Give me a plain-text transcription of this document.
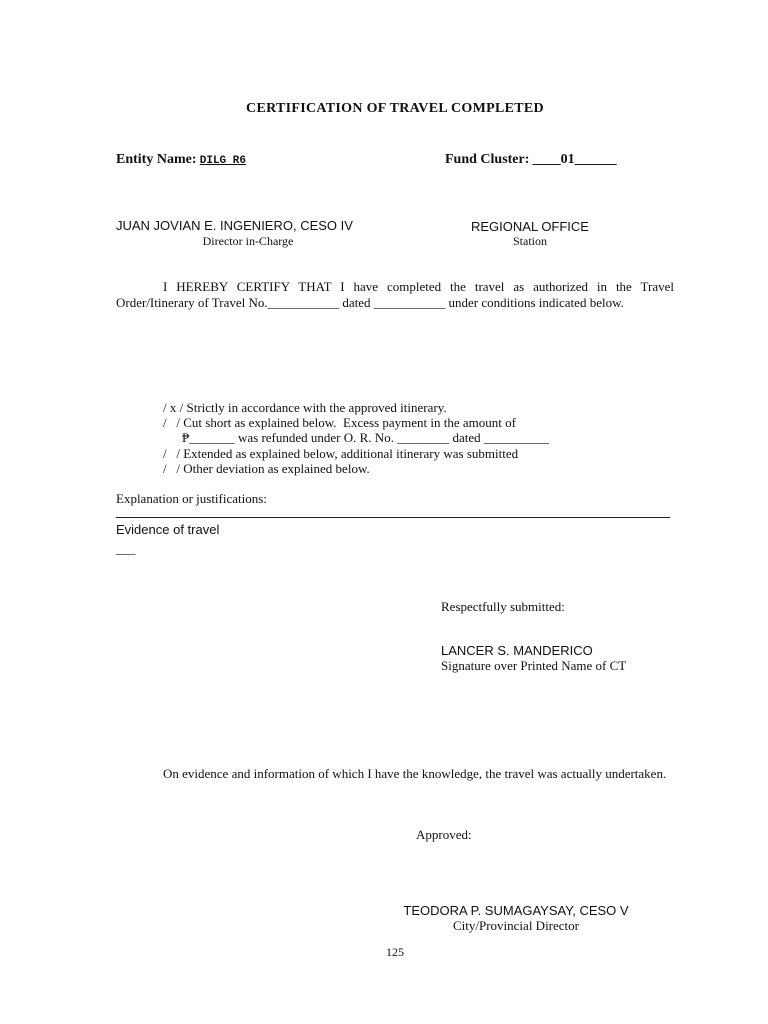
CERTIFICATION OF TRAVEL COMPLETED
Entity Name: DILG R6	Fund Cluster: ____01______
JUAN JOVIAN E. INGENIERO, CESO IV
Director in-Charge
REGIONAL OFFICE
Station
I HEREBY CERTIFY THAT I have completed the travel as authorized in the Travel Order/Itinerary of Travel No.___________ dated ___________ under conditions indicated below.
/ x / Strictly in accordance with the approved itinerary.
/   / Cut short as explained below.  Excess payment in the amount of
₱_______ was refunded under O. R. No. ________ dated __________
/   / Extended as explained below, additional itinerary was submitted
/   / Other deviation as explained below.
Explanation or justifications:
Evidence of travel
___
Respectfully submitted:
LANCER S. MANDERICO
Signature over Printed Name of CT
On evidence and information of which I have the knowledge, the travel was actually undertaken.
Approved:
TEODORA P. SUMAGAYSAY, CESO V
City/Provincial Director
125
